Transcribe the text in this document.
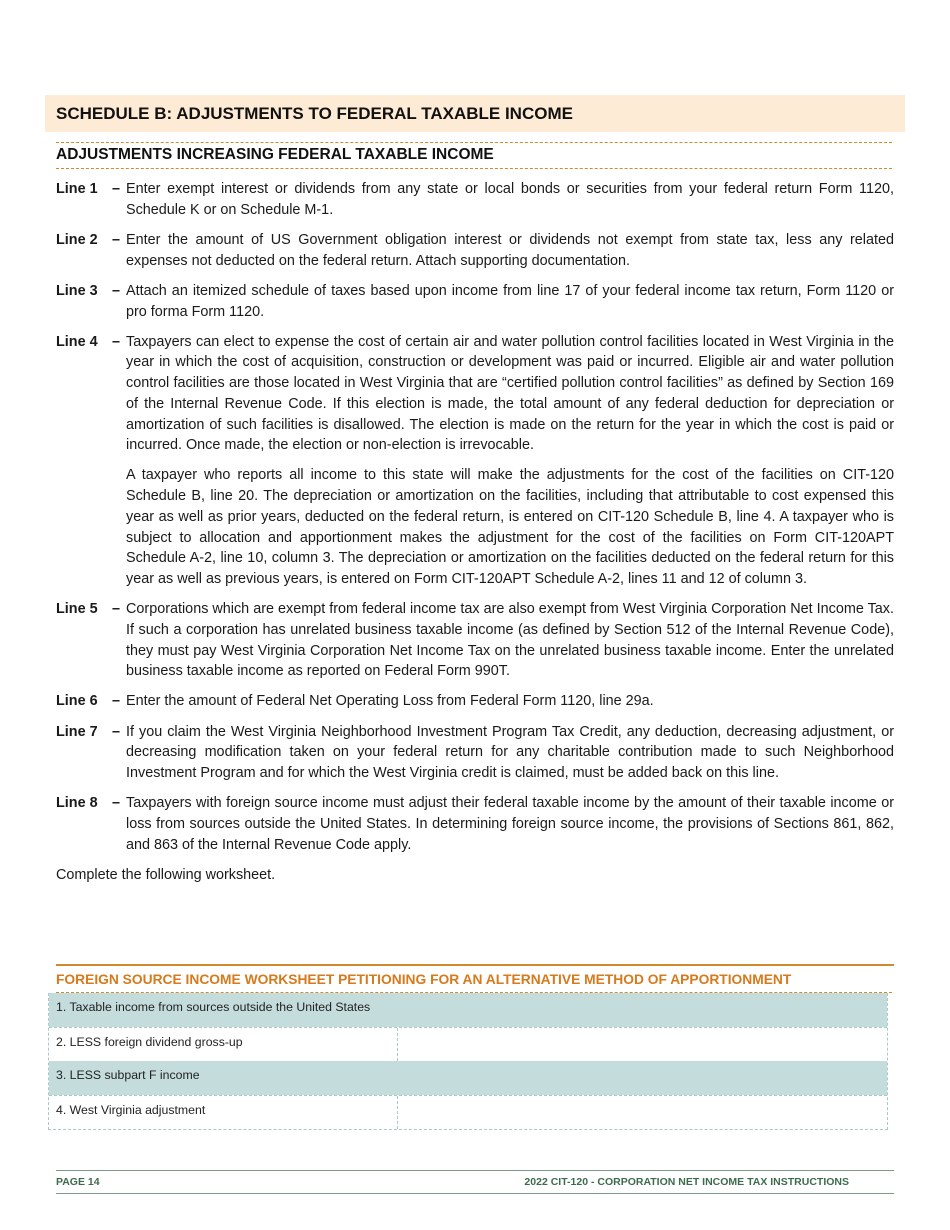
SCHEDULE B: ADJUSTMENTS TO FEDERAL TAXABLE INCOME
ADJUSTMENTS INCREASING FEDERAL TAXABLE INCOME
Line 1	– Enter exempt interest or dividends from any state or local bonds or securities from your federal return Form 1120, Schedule K or on Schedule M-1.

Line 2	– Enter the amount of US Government obligation interest or dividends not exempt from state tax, less any related expenses not deducted on the federal return. Attach supporting documentation.

Line 3	– Attach an itemized schedule of taxes based upon income from line 17 of your federal income tax return, Form 1120 or pro forma Form 1120.

Line 4	– Taxpayers can elect to expense the cost of certain air and water pollution control facilities located in West Virginia in the year in which the cost of acquisition, construction or development was paid or incurred. Eligible air and water pollution control facilities are those located in West Virginia that are “certified pollution control facilities” as defined by Section 169 of the Internal Revenue Code. If this election is made, the total amount of any federal deduction for depreciation or amortization of such facilities is disallowed. The election is made on the return for the year in which the cost is paid or incurred. Once made, the election or non-election is irrevocable.

A taxpayer who reports all income to this state will make the adjustments for the cost of the facilities on CIT-120 Schedule B, line 20. The depreciation or amortization on the facilities, including that attributable to cost expensed this year as well as prior years, deducted on the federal return, is entered on CIT-120 Schedule B, line 4. A taxpayer who is subject to allocation and apportionment makes the adjustment for the cost of the facilities on Form CIT-120APT Schedule A-2, line 10, column 3. The depreciation or amortization on the facilities deducted on the federal return for this year as well as previous years, is entered on Form CIT-120APT Schedule A-2, lines 11 and 12 of column 3.

Line 5	– Corporations which are exempt from federal income tax are also exempt from West Virginia Corporation Net Income Tax. If such a corporation has unrelated business taxable income (as defined by Section 512 of the Internal Revenue Code), they must pay West Virginia Corporation Net Income Tax on the unrelated business taxable income. Enter the unrelated business taxable income as reported on Federal Form 990T.

Line 6	– Enter the amount of Federal Net Operating Loss from Federal Form 1120, line 29a.

Line 7	– If you claim the West Virginia Neighborhood Investment Program Tax Credit, any deduction, decreasing adjustment, or decreasing modification taken on your federal return for any charitable contribution made to such Neighborhood Investment Program and for which the West Virginia credit is claimed, must be added back on this line.

Line 8	– Taxpayers with foreign source income must adjust their federal taxable income by the amount of their taxable income or loss from sources outside the United States. In determining foreign source income, the provisions of Sections 861, 862, and 863 of the Internal Revenue Code apply.

Complete the following worksheet.
FOREIGN SOURCE INCOME WORKSHEET PETITIONING FOR AN ALTERNATIVE METHOD OF APPORTIONMENT
1. Taxable income from sources outside the United States
2. LESS foreign dividend gross-up
3. LESS subpart F income
4. West Virginia adjustment
PAGE 14	2022 CIT-120 - CORPORATION NET INCOME TAX INSTRUCTIONS
